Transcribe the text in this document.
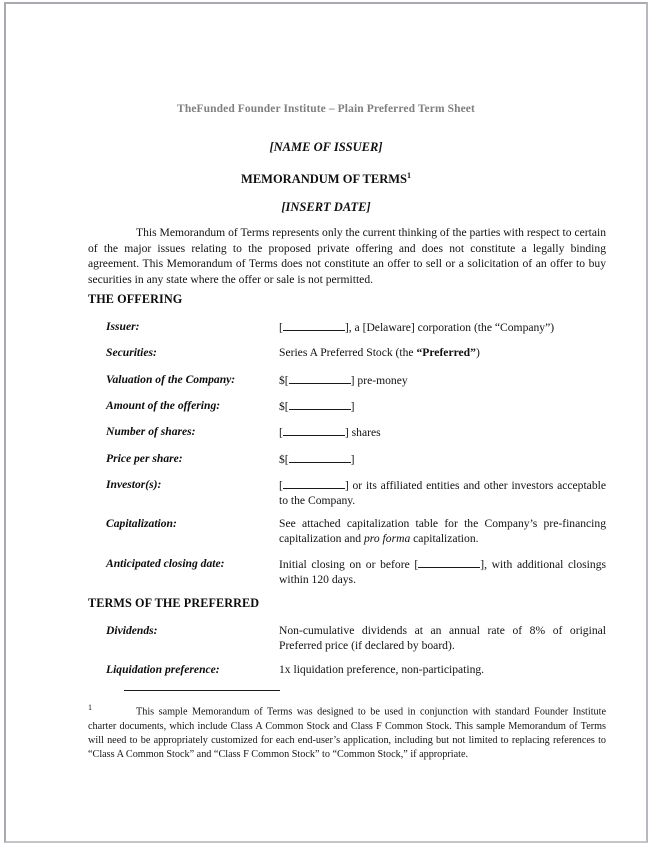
TheFunded Founder Institute – Plain Preferred Term Sheet
[NAME OF ISSUER]
MEMORANDUM OF TERMS$^1$
[INSERT DATE]
This Memorandum of Terms represents only the current thinking of the parties with respect to certain of the major issues relating to the proposed private offering and does not constitute a legally binding agreement. This Memorandum of Terms does not constitute an offer to sell or a solicitation of an offer to buy securities in any state where the offer or sale is not permitted.
THE OFFERING
Issuer:	[	], a [Delaware] corporation (the “Company”)
Securities:	Series A Preferred Stock (the “Preferred”)
Valuation of the Company:	$[	] pre-money
Amount of the offering:	$[	]
Number of shares:	[	] shares
Price per share:	$[	]
Investor(s):	[	] or its affiliated entities and other investors acceptable to the Company.
Capitalization:	See attached capitalization table for the Company’s pre-financing capitalization and pro forma capitalization.
Anticipated closing date:	Initial closing on or before [	], with additional closings within 120 days.
TERMS OF THE PREFERRED
Dividends:	Non-cumulative dividends at an annual rate of 8% of original Preferred price (if declared by board).
Liquidation preference:	1x liquidation preference, non-participating.
$^1$	This sample Memorandum of Terms was designed to be used in conjunction with standard Founder Institute charter documents, which include Class A Common Stock and Class F Common Stock. This sample Memorandum of Terms will need to be appropriately customized for each end-user’s application, including but not limited to replacing references to “Class A Common Stock” and “Class F Common Stock” to “Common Stock,” if appropriate.
